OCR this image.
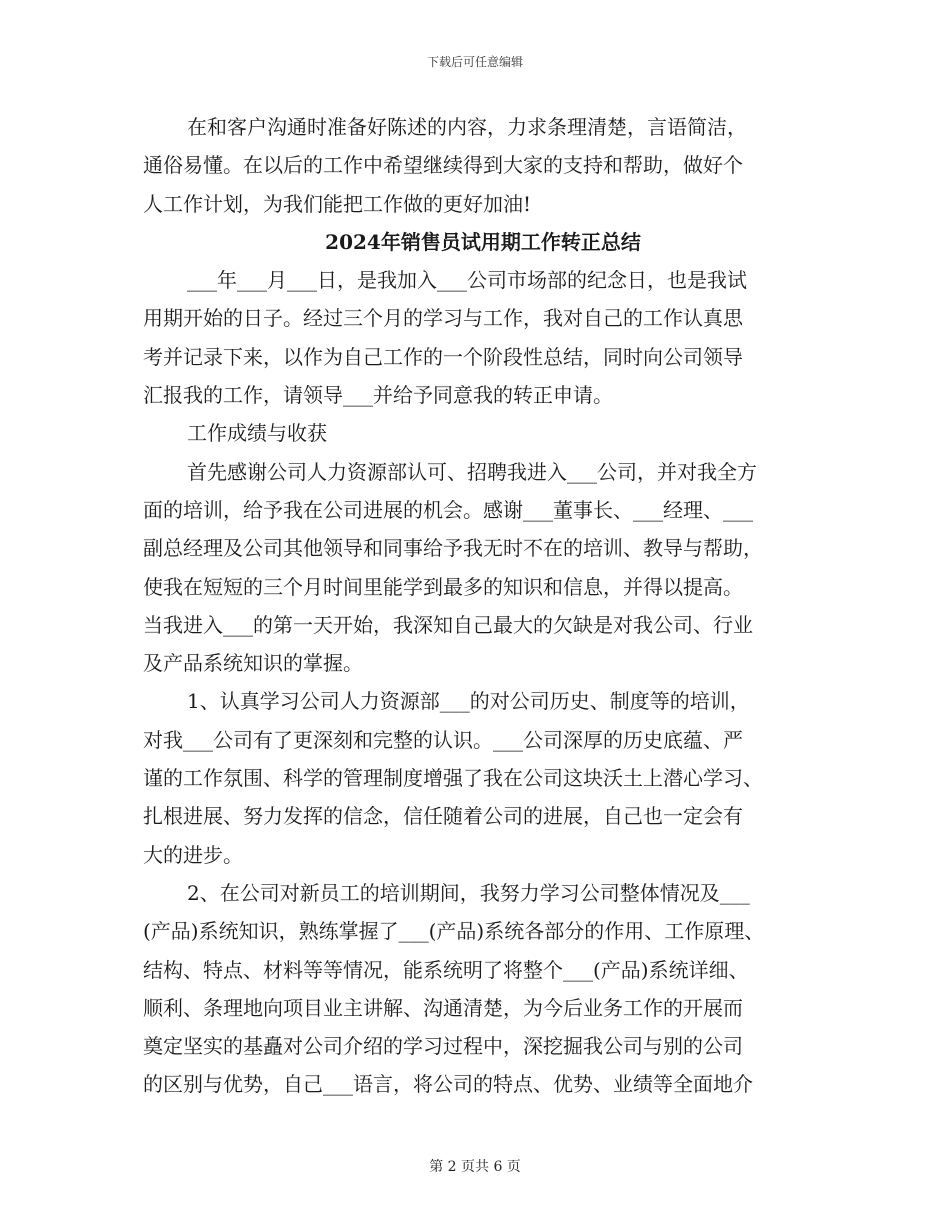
下载后可任意编辑
在和客户沟通时准备好陈述的内容，力求条理清楚，言语简洁，
通俗易懂。在以后的工作中希望继续得到大家的支持和帮助，做好个
人工作计划，为我们能把工作做的更好加油!
2024年销售员试用期工作转正总结
___年___月___日，是我加入___公司市场部的纪念日，也是我试
用期开始的日子。经过三个月的学习与工作，我对自己的工作认真思
考并记录下来，以作为自己工作的一个阶段性总结，同时向公司领导
汇报我的工作，请领导___并给予同意我的转正申请。
工作成绩与收获
首先感谢公司人力资源部认可、招聘我进入___公司，并对我全方
面的培训，给予我在公司进展的机会。感谢___董事长、___经理、___
副总经理及公司其他领导和同事给予我无时不在的培训、教导与帮助，
使我在短短的三个月时间里能学到最多的知识和信息，并得以提高。
当我进入___的第一天开始，我深知自己最大的欠缺是对我公司、行业
及产品系统知识的掌握。
1、认真学习公司人力资源部___的对公司历史、制度等的培训，
对我___公司有了更深刻和完整的认识。___公司深厚的历史底蕴、严
谨的工作氛围、科学的管理制度增强了我在公司这块沃土上潜心学习、
扎根进展、努力发挥的信念，信任随着公司的进展，自己也一定会有
大的进步。
2、在公司对新员工的培训期间，我努力学习公司整体情况及___
(产品)系统知识，熟练掌握了___(产品)系统各部分的作用、工作原理、
结构、特点、材料等等情况，能系统明了将整个___(产品)系统详细、
顺利、条理地向项目业主讲解、沟通清楚，为今后业务工作的开展而
奠定坚实的基矗对公司介绍的学习过程中，深挖掘我公司与别的公司
的区别与优势，自己___语言，将公司的特点、优势、业绩等全面地介
第 2 页共 6 页
